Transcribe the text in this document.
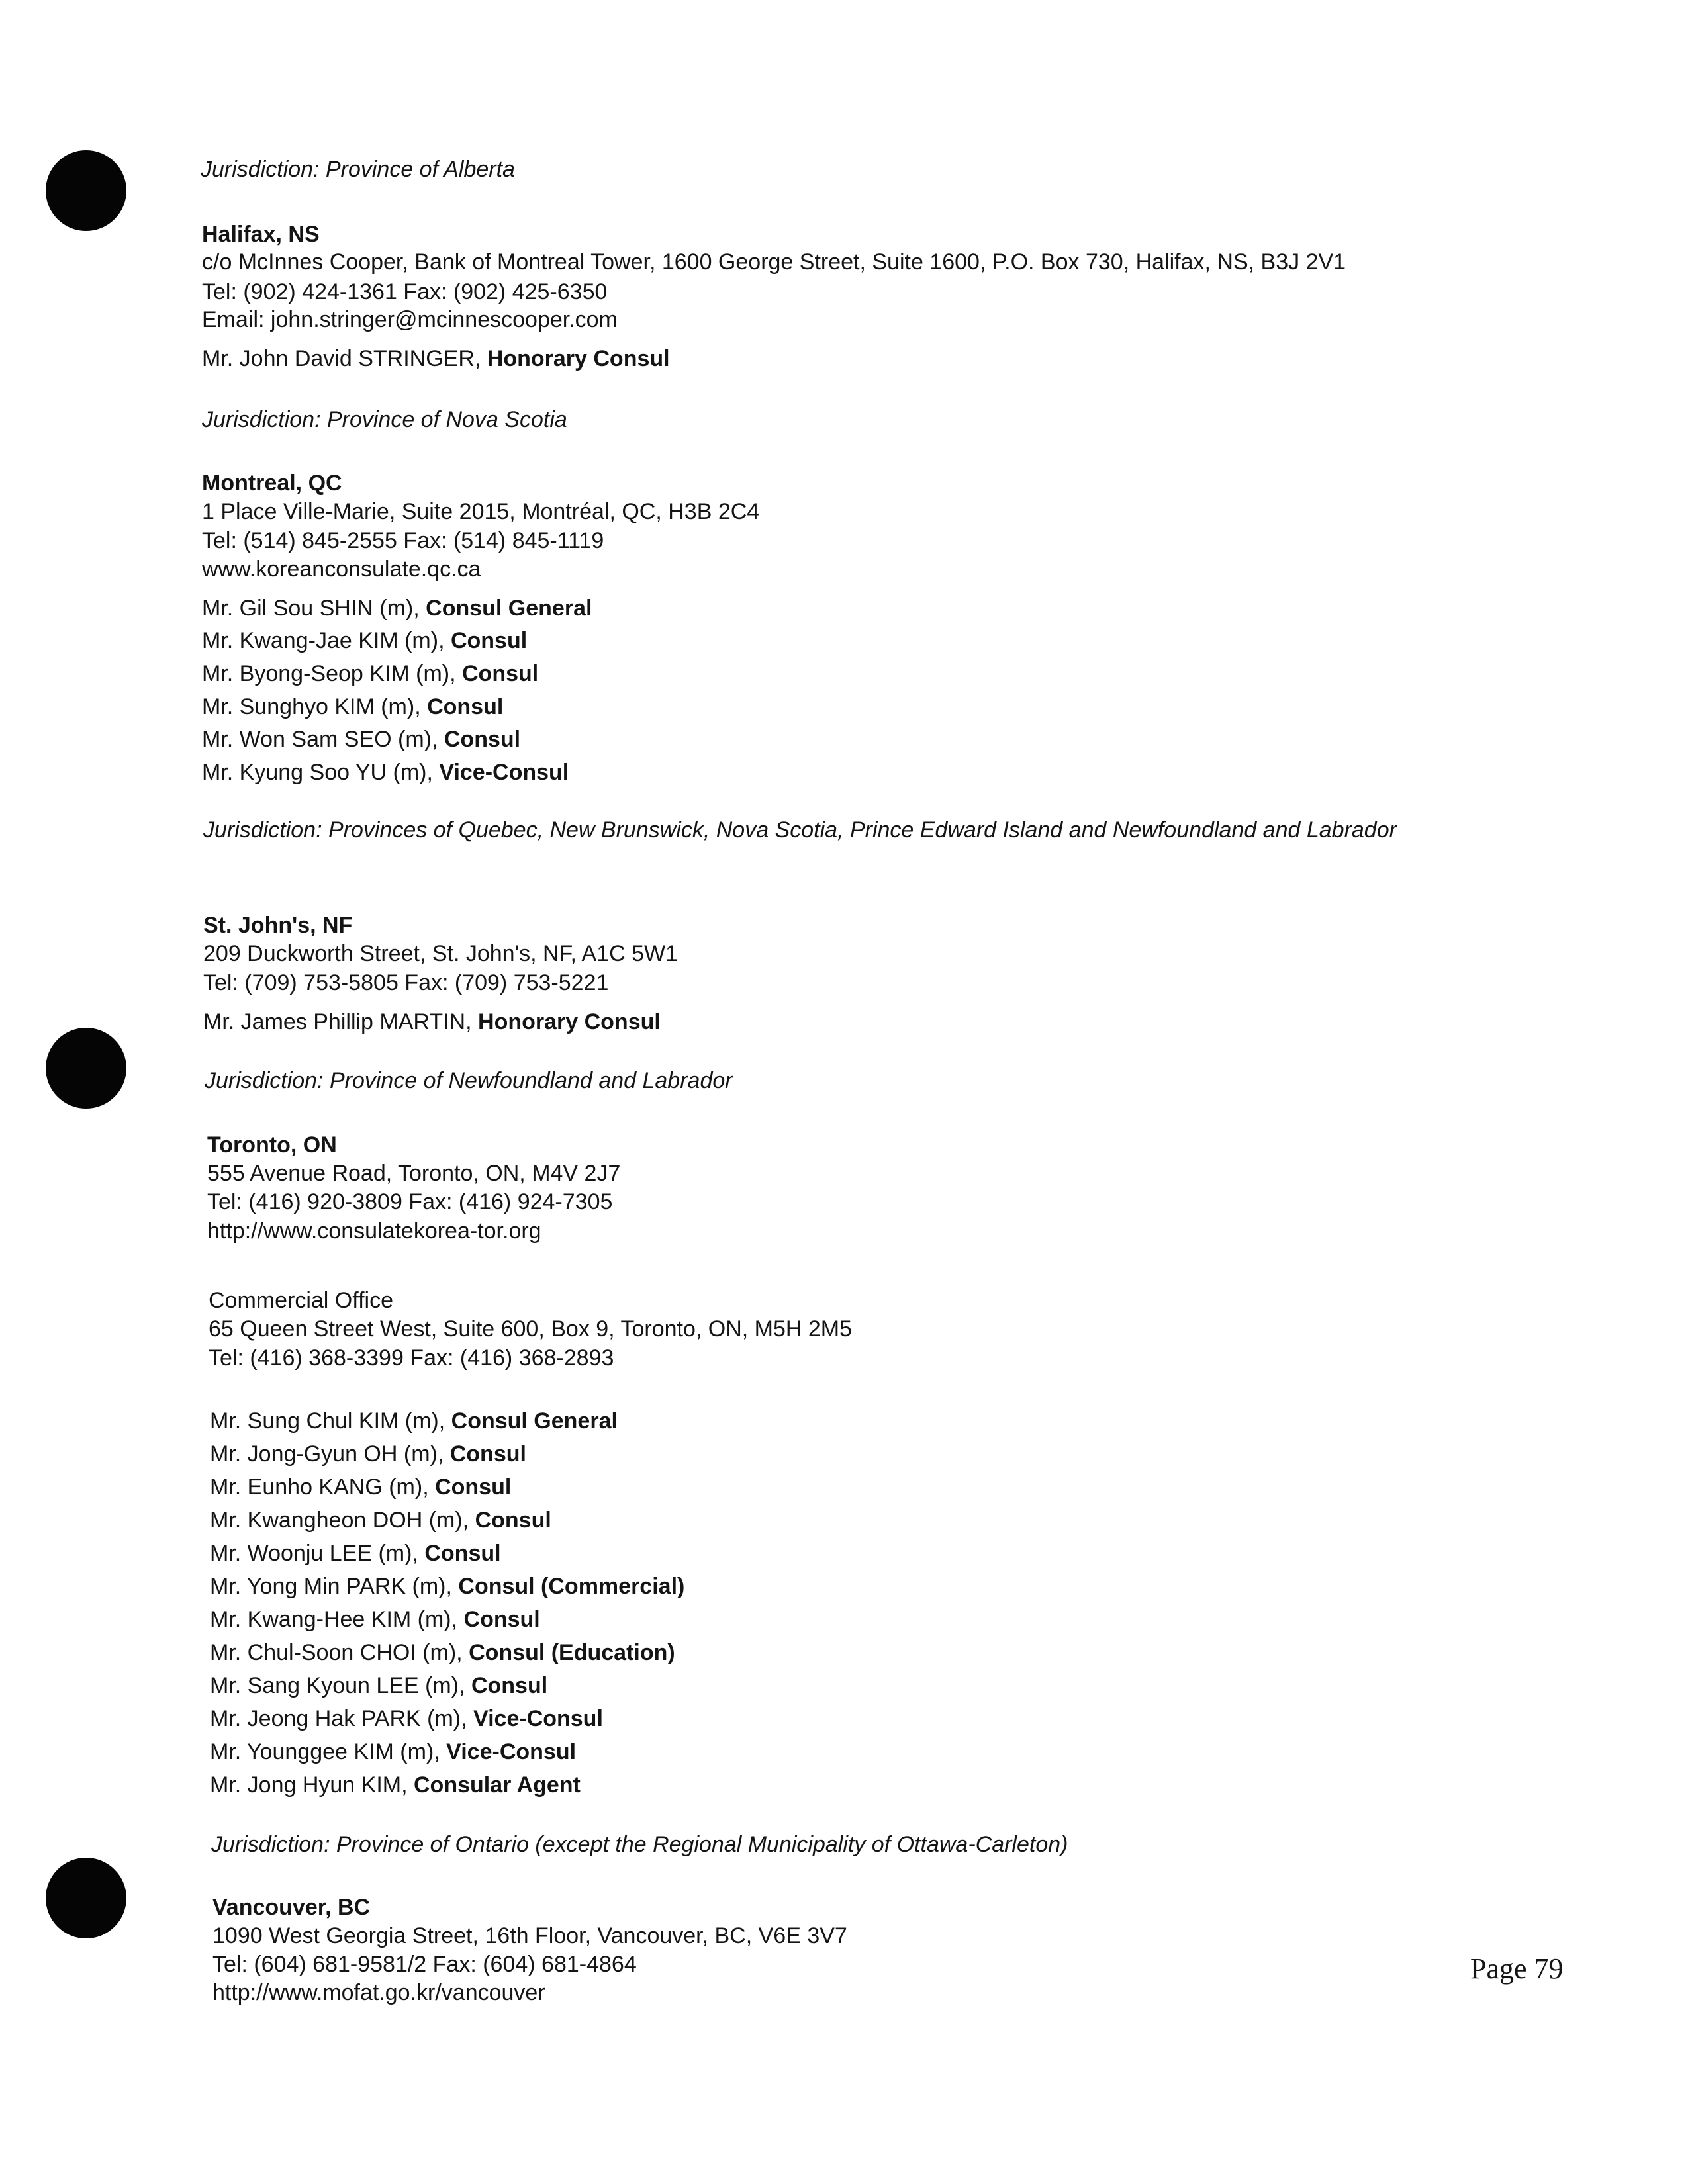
Jurisdiction: Province of Alberta
Halifax, NS
c/o McInnes Cooper, Bank of Montreal Tower, 1600 George Street, Suite 1600, P.O. Box 730, Halifax, NS, B3J 2V1
Tel: (902) 424-1361 Fax: (902) 425-6350
Email: john.stringer@mcinnescooper.com
Mr. John David STRINGER, Honorary Consul
Jurisdiction: Province of Nova Scotia
Montreal, QC
1 Place Ville-Marie, Suite 2015, Montréal, QC, H3B 2C4
Tel: (514) 845-2555 Fax: (514) 845-1119
www.koreanconsulate.qc.ca
Mr. Gil Sou SHIN (m), Consul General
Mr. Kwang-Jae KIM (m), Consul
Mr. Byong-Seop KIM (m), Consul
Mr. Sunghyo KIM (m), Consul
Mr. Won Sam SEO (m), Consul
Mr. Kyung Soo YU (m), Vice-Consul
Jurisdiction: Provinces of Quebec, New Brunswick, Nova Scotia, Prince Edward Island and Newfoundland and Labrador
St. John's, NF
209 Duckworth Street, St. John's, NF, A1C 5W1
Tel: (709) 753-5805 Fax: (709) 753-5221
Mr. James Phillip MARTIN, Honorary Consul
Jurisdiction: Province of Newfoundland and Labrador
Toronto, ON
555 Avenue Road, Toronto, ON, M4V 2J7
Tel: (416) 920-3809 Fax: (416) 924-7305
http://www.consulatekorea-tor.org
Commercial Office
65 Queen Street West, Suite 600, Box 9, Toronto, ON, M5H 2M5
Tel: (416) 368-3399 Fax: (416) 368-2893
Mr. Sung Chul KIM (m), Consul General
Mr. Jong-Gyun OH (m), Consul
Mr. Eunho KANG (m), Consul
Mr. Kwangheon DOH (m), Consul
Mr. Woonju LEE (m), Consul
Mr. Yong Min PARK (m), Consul (Commercial)
Mr. Kwang-Hee KIM (m), Consul
Mr. Chul-Soon CHOI (m), Consul (Education)
Mr. Sang Kyoun LEE (m), Consul
Mr. Jeong Hak PARK (m), Vice-Consul
Mr. Younggee KIM (m), Vice-Consul
Mr. Jong Hyun KIM, Consular Agent
Jurisdiction: Province of Ontario (except the Regional Municipality of Ottawa-Carleton)
Vancouver, BC
1090 West Georgia Street, 16th Floor, Vancouver, BC, V6E 3V7
Tel: (604) 681-9581/2 Fax: (604) 681-4864
http://www.mofat.go.kr/vancouver
Page 79
